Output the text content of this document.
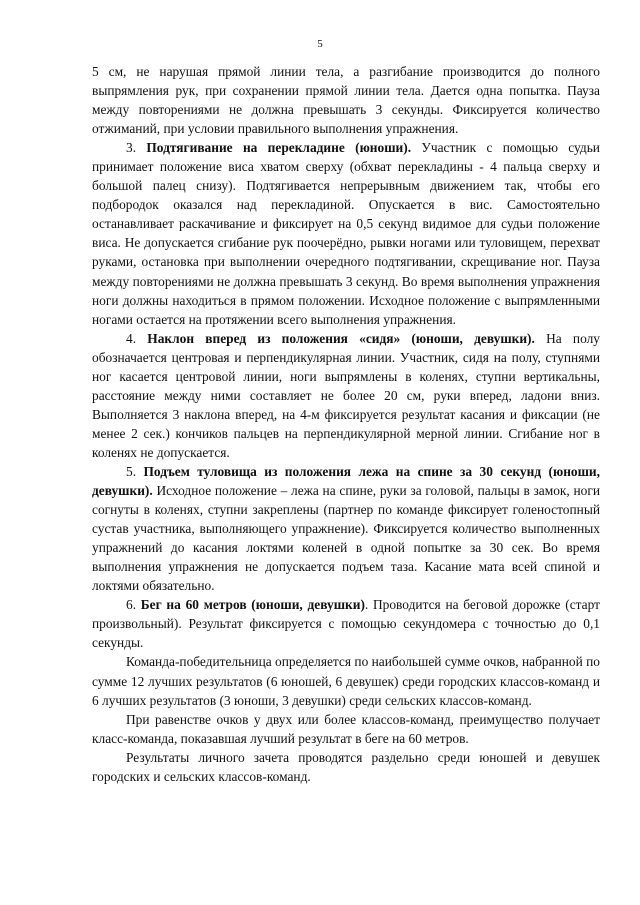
5

5 см, не нарушая прямой линии тела, а разгибание производится до полного выпрямления рук, при сохранении прямой линии тела. Дается одна попытка. Пауза между повторениями не должна превышать 3 секунды. Фиксируется количество отжиманий, при условии правильного выполнения упражнения.

3. Подтягивание на перекладине (юноши). Участник с помощью судьи принимает положение виса хватом сверху (обхват перекладины - 4 пальца сверху и большой палец снизу). Подтягивается непрерывным движением так, чтобы его подбородок оказался над перекладиной. Опускается в вис. Самостоятельно останавливает раскачивание и фиксирует на 0,5 секунд видимое для судьи положение виса. Не допускается сгибание рук поочерёдно, рывки ногами или туловищем, перехват руками, остановка при выполнении очередного подтягивании, скрещивание ног. Пауза между повторениями не должна превышать 3 секунд. Во время выполнения упражнения ноги должны находиться в прямом положении. Исходное положение с выпрямленными ногами остается на протяжении всего выполнения упражнения.

4. Наклон вперед из положения «сидя» (юноши, девушки). На полу обозначается центровая и перпендикулярная линии. Участник, сидя на полу, ступнями ног касается центровой линии, ноги выпрямлены в коленях, ступни вертикальны, расстояние между ними составляет не более 20 см, руки вперед, ладони вниз. Выполняется 3 наклона вперед, на 4-м фиксируется результат касания и фиксации (не менее 2 сек.) кончиков пальцев на перпендикулярной мерной линии. Сгибание ног в коленях не допускается.

5. Подъем туловища из положения лежа на спине за 30 секунд (юноши, девушки). Исходное положение – лежа на спине, руки за головой, пальцы в замок, ноги согнуты в коленях, ступни закреплены (партнер по команде фиксирует голеностопный сустав участника, выполняющего упражнение). Фиксируется количество выполненных упражнений до касания локтями коленей в одной попытке за 30 сек. Во время выполнения упражнения не допускается подъем таза. Касание мата всей спиной и локтями обязательно.

6. Бег на 60 метров (юноши, девушки). Проводится на беговой дорожке (старт произвольный). Результат фиксируется с помощью секундомера с точностью до 0,1 секунды.

Команда-победительница определяется по наибольшей сумме очков, набранной по сумме 12 лучших результатов (6 юношей, 6 девушек) среди городских классов-команд и 6 лучших результатов (3 юноши, 3 девушки) среди сельских классов-команд.

При равенстве очков у двух или более классов-команд, преимущество получает класс-команда, показавшая лучший результат в беге на 60 метров.

Результаты личного зачета проводятся раздельно среди юношей и девушек городских и сельских классов-команд.
